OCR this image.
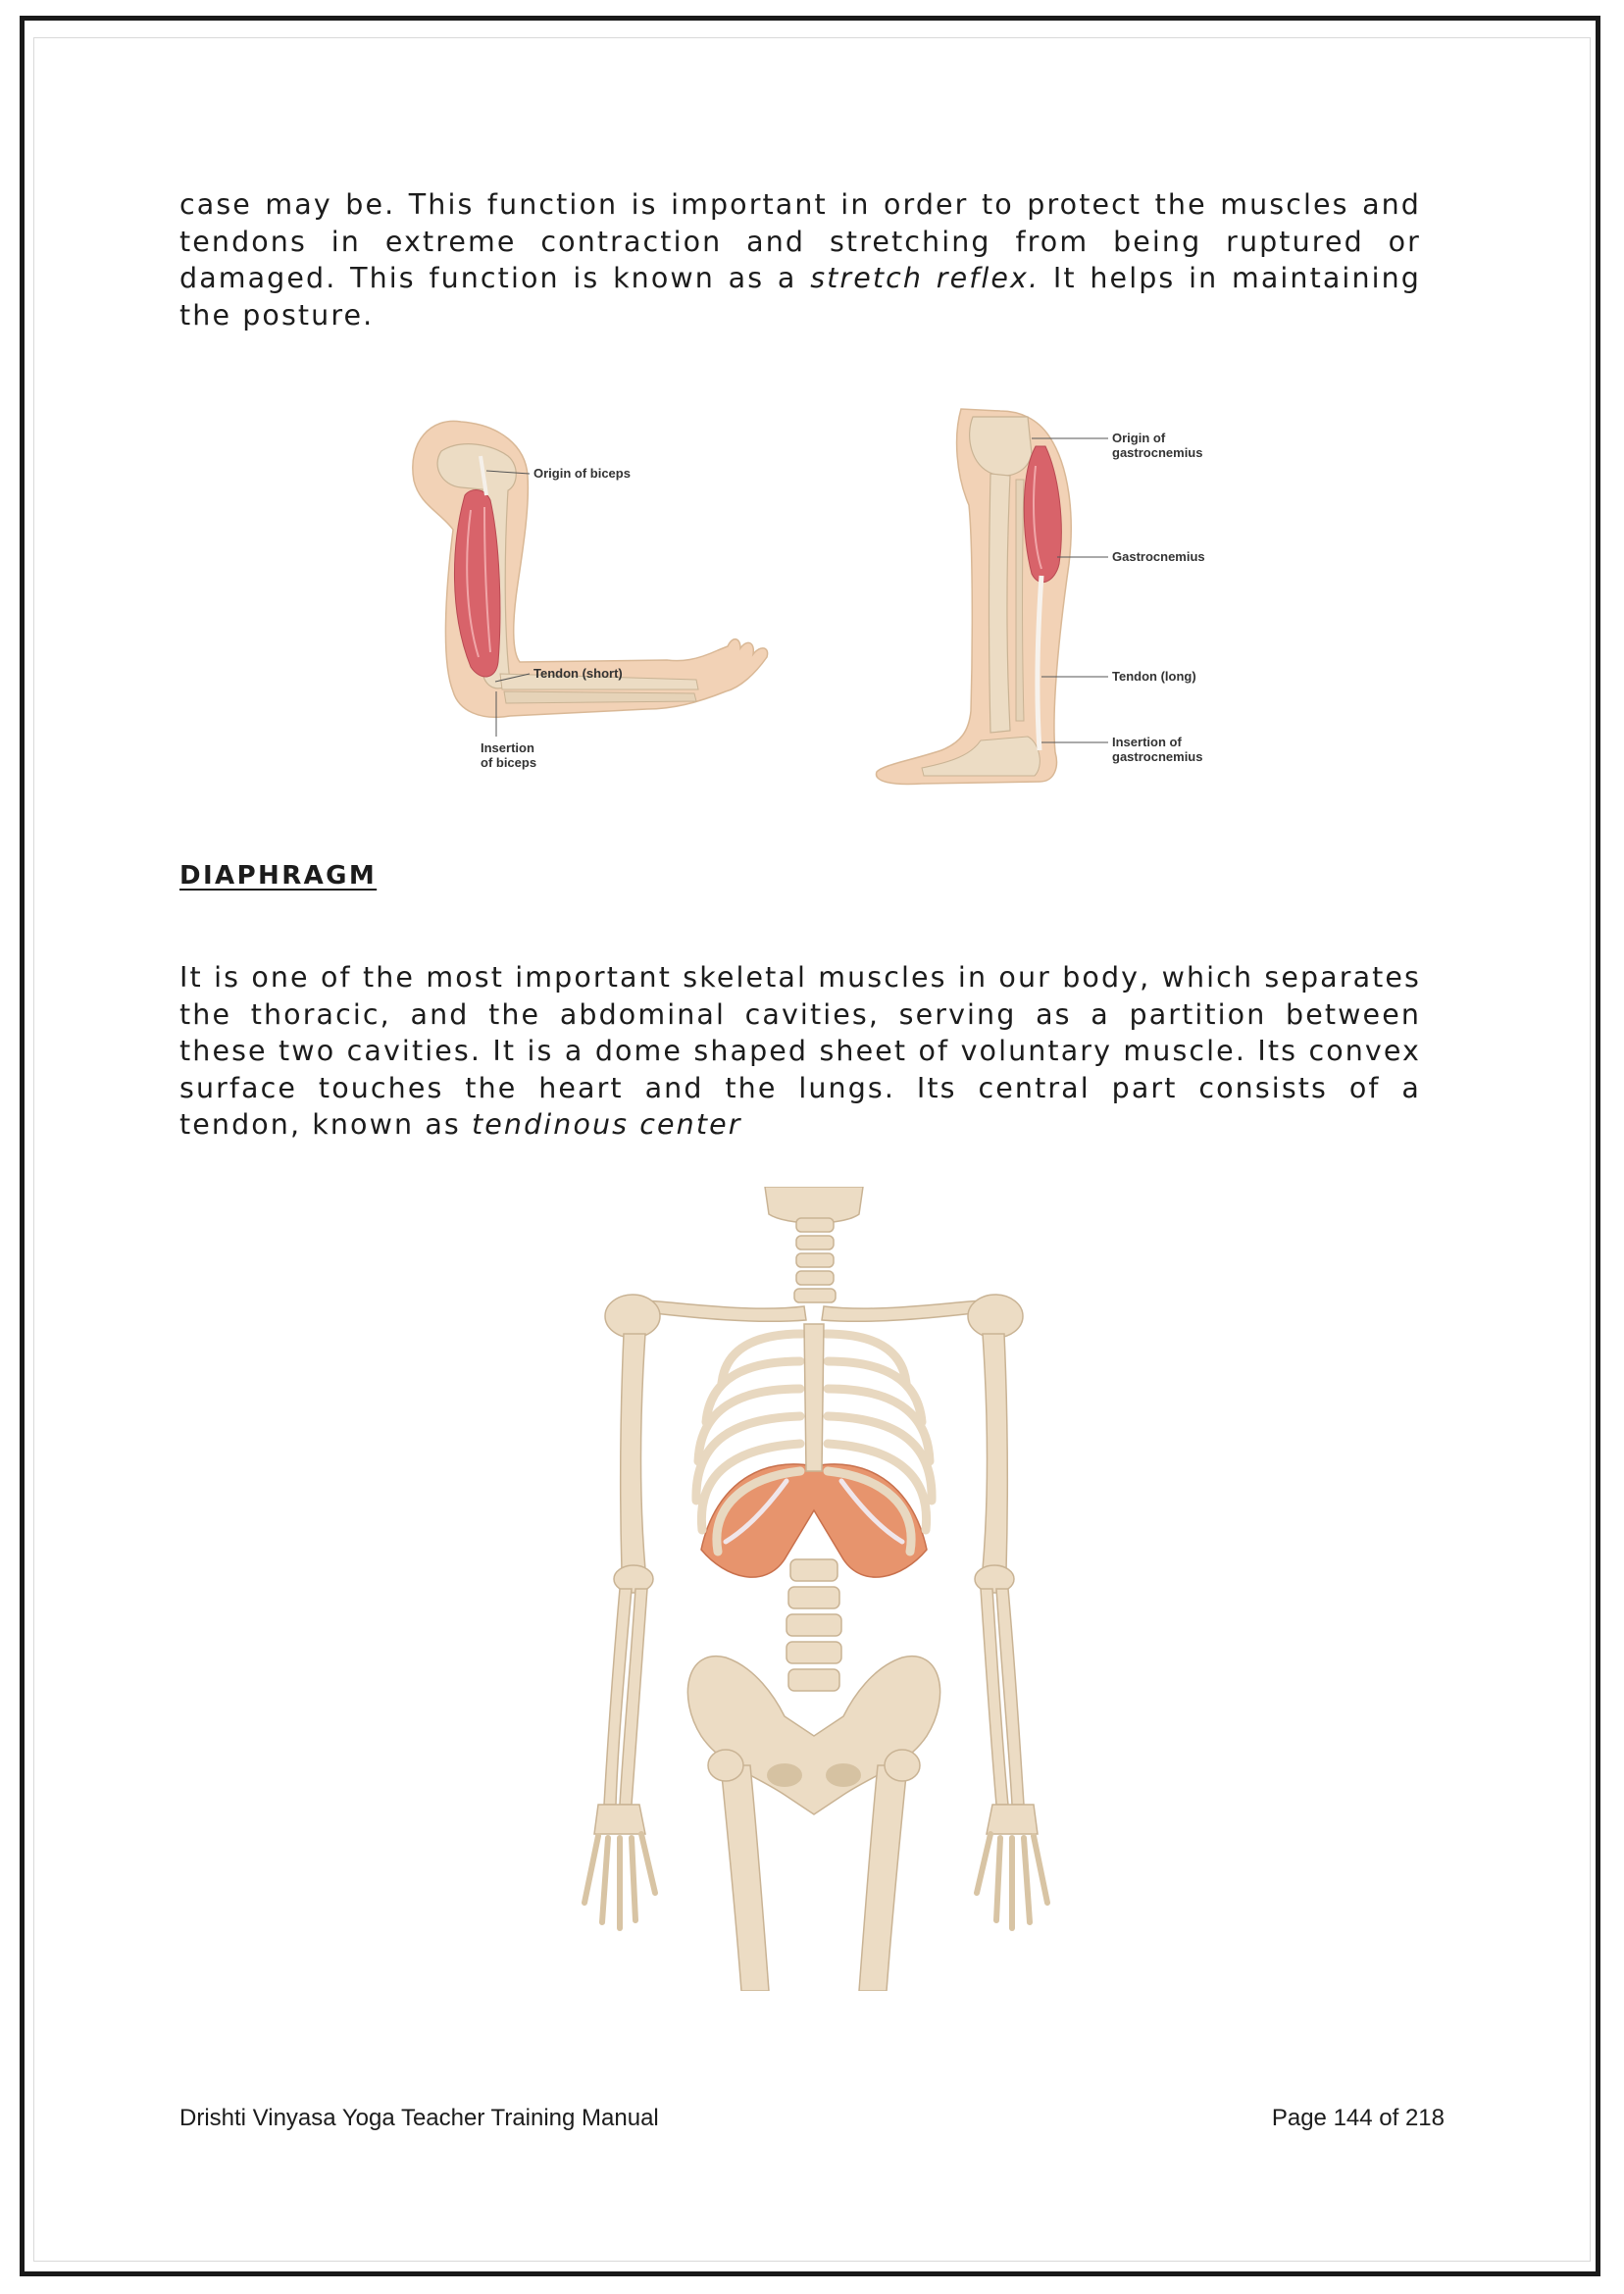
case may be. This function is important in order to protect the muscles and tendons in extreme contraction and stretching from being ruptured or damaged. This function is known as a stretch reflex. It helps in maintaining the posture.

Origin of biceps
Tendon (short)
Insertion
of biceps
Origin of
gastrocnemius
Gastrocnemius
Tendon (long)
Insertion of
gastrocnemius
DIAPHRAGM

It is one of the most important skeletal muscles in our body, which separates the thoracic, and the abdominal cavities, serving as a partition between these two cavities. It is a dome shaped sheet of voluntary muscle. Its convex surface touches the heart and the lungs. Its central part consists of a tendon, known as tendinous center

Drishti Vinyasa Yoga Teacher Training Manual	Page 144 of 218
